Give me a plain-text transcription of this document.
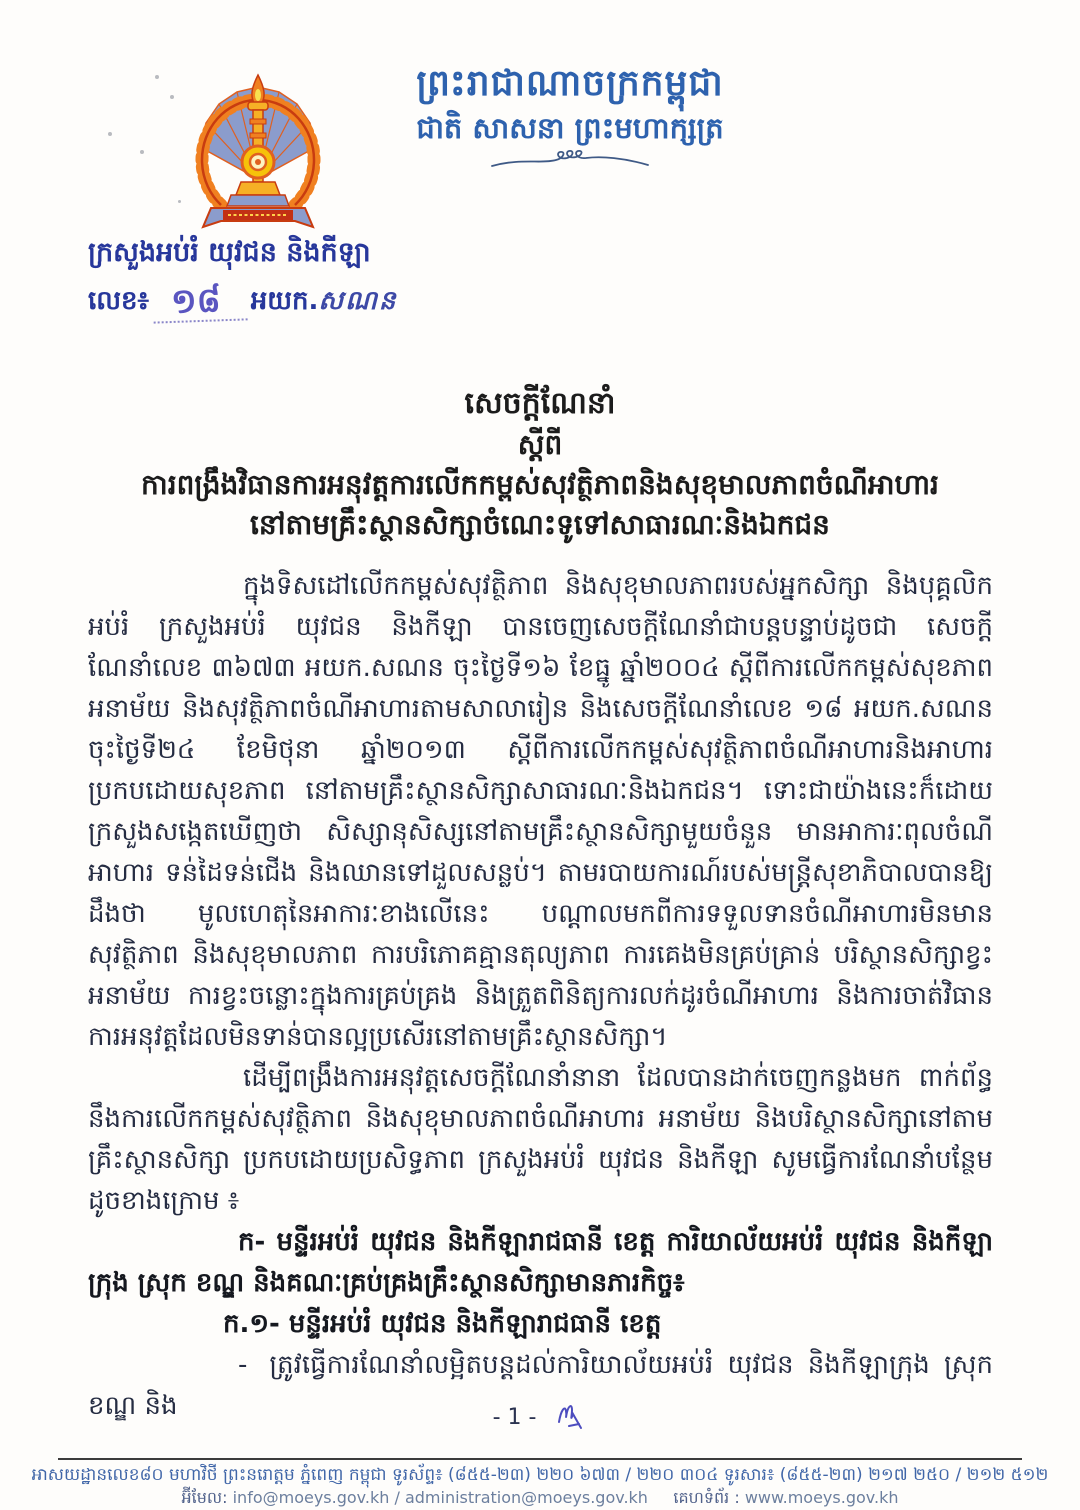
ព្រះរាជាណាចក្រកម្ពុជា
ជាតិ សាសនា ព្រះមហាក្សត្រ
ក្រសួងអប់រំ យុវជន និងកីឡា
លេខ៖ ១៨	អយក. សណន
សេចក្តីណែនាំ
ស្តីពី
ការពង្រឹងវិធានការអនុវត្តការលើកកម្ពស់សុវត្ថិភាពនិងសុខុមាលភាពចំណីអាហារ
នៅតាមគ្រឹះស្ថានសិក្សាចំណេះទូទៅសាធារណៈនិងឯកជន

ក្នុងទិសដៅលើកកម្ពស់សុវត្ថិភាព និងសុខុមាលភាពរបស់អ្នកសិក្សា និងបុគ្គលិកអប់រំ ក្រសួងអប់រំ យុវជន និងកីឡា បានចេញសេចក្តីណែនាំជាបន្តបន្ទាប់ដូចជា សេចក្តីណែនាំលេខ ៣៦៧៣ អយក.សណន ចុះថ្ងៃទី១៦ ខែធ្នូ ឆ្នាំ២០០៤ ស្តីពីការលើកកម្ពស់សុខភាព អនាម័យ និងសុវត្ថិភាពចំណីអាហារតាមសាលារៀន និងសេចក្តីណែនាំលេខ ១៨ អយក.សណន ចុះថ្ងៃទី២៤ ខែមិថុនា ឆ្នាំ២០១៣ ស្តីពីការលើកកម្ពស់សុវត្ថិភាពចំណីអាហារនិងអាហារប្រកបដោយសុខភាព នៅតាមគ្រឹះស្ថានសិក្សាសាធារណៈនិងឯកជន។ ទោះជាយ៉ាងនេះក៏ដោយ ក្រសួងសង្កេតឃើញថា សិស្សានុសិស្សនៅតាមគ្រឹះស្ថានសិក្សាមួយចំនួន មានអាការៈពុលចំណីអាហារ ទន់ដៃទន់ជើង និងឈានទៅដួលសន្លប់។ តាមរបាយការណ៍របស់មន្ត្រីសុខាភិបាលបានឱ្យដឹងថា មូលហេតុនៃអាការៈខាងលើនេះ បណ្តាលមកពីការទទួលទានចំណីអាហារមិនមានសុវត្ថិភាព និងសុខុមាលភាព ការបរិភោគគ្មានតុល្យភាព ការគេងមិនគ្រប់គ្រាន់ បរិស្ថានសិក្សាខ្វះអនាម័យ ការខ្វះចន្លោះក្នុងការគ្រប់គ្រង និងត្រួតពិនិត្យការលក់ដូរចំណីអាហារ និងការចាត់វិធានការអនុវត្តដែលមិនទាន់បានល្អប្រសើរនៅតាមគ្រឹះស្ថានសិក្សា។

ដើម្បីពង្រឹងការអនុវត្តសេចក្តីណែនាំនានា ដែលបានដាក់ចេញកន្លងមក ពាក់ព័ន្ធនឹងការលើកកម្ពស់សុវត្ថិភាព និងសុខុមាលភាពចំណីអាហារ អនាម័យ និងបរិស្ថានសិក្សានៅតាមគ្រឹះស្ថានសិក្សា ប្រកបដោយប្រសិទ្ធភាព ក្រសួងអប់រំ យុវជន និងកីឡា សូមធ្វើការណែនាំបន្ថែមដូចខាងក្រោម ៖

ក- មន្ទីរអប់រំ យុវជន និងកីឡារាជធានី ខេត្ត ការិយាល័យអប់រំ យុវជន និងកីឡាក្រុង ស្រុក ខណ្ឌ និងគណៈគ្រប់គ្រងគ្រឹះស្ថានសិក្សាមានភារកិច្ច៖
ក.១- មន្ទីរអប់រំ យុវជន និងកីឡារាជធានី ខេត្ត
- ត្រូវធ្វើការណែនាំលម្អិតបន្តដល់ការិយាល័យអប់រំ យុវជន និងកីឡាក្រុង ស្រុក ខណ្ឌ និង	- 1 -
អាសយដ្ឋានលេខ៨០ មហាវិថី ព្រះនរោត្តម ភ្នំពេញ កម្ពុជា ទូរស័ព្ទ៖ (៨៥៥-២៣) ២២០ ៦៧៣ / ២២០ ៣០៤ ទូរសារ៖ (៨៥៥-២៣) ២១៧ ២៥០ / ២១២ ៥១២
អ៊ីមែល: info@moeys.gov.kh / administration@moeys.gov.kh គេហទំព័រ : www.moeys.gov.kh
